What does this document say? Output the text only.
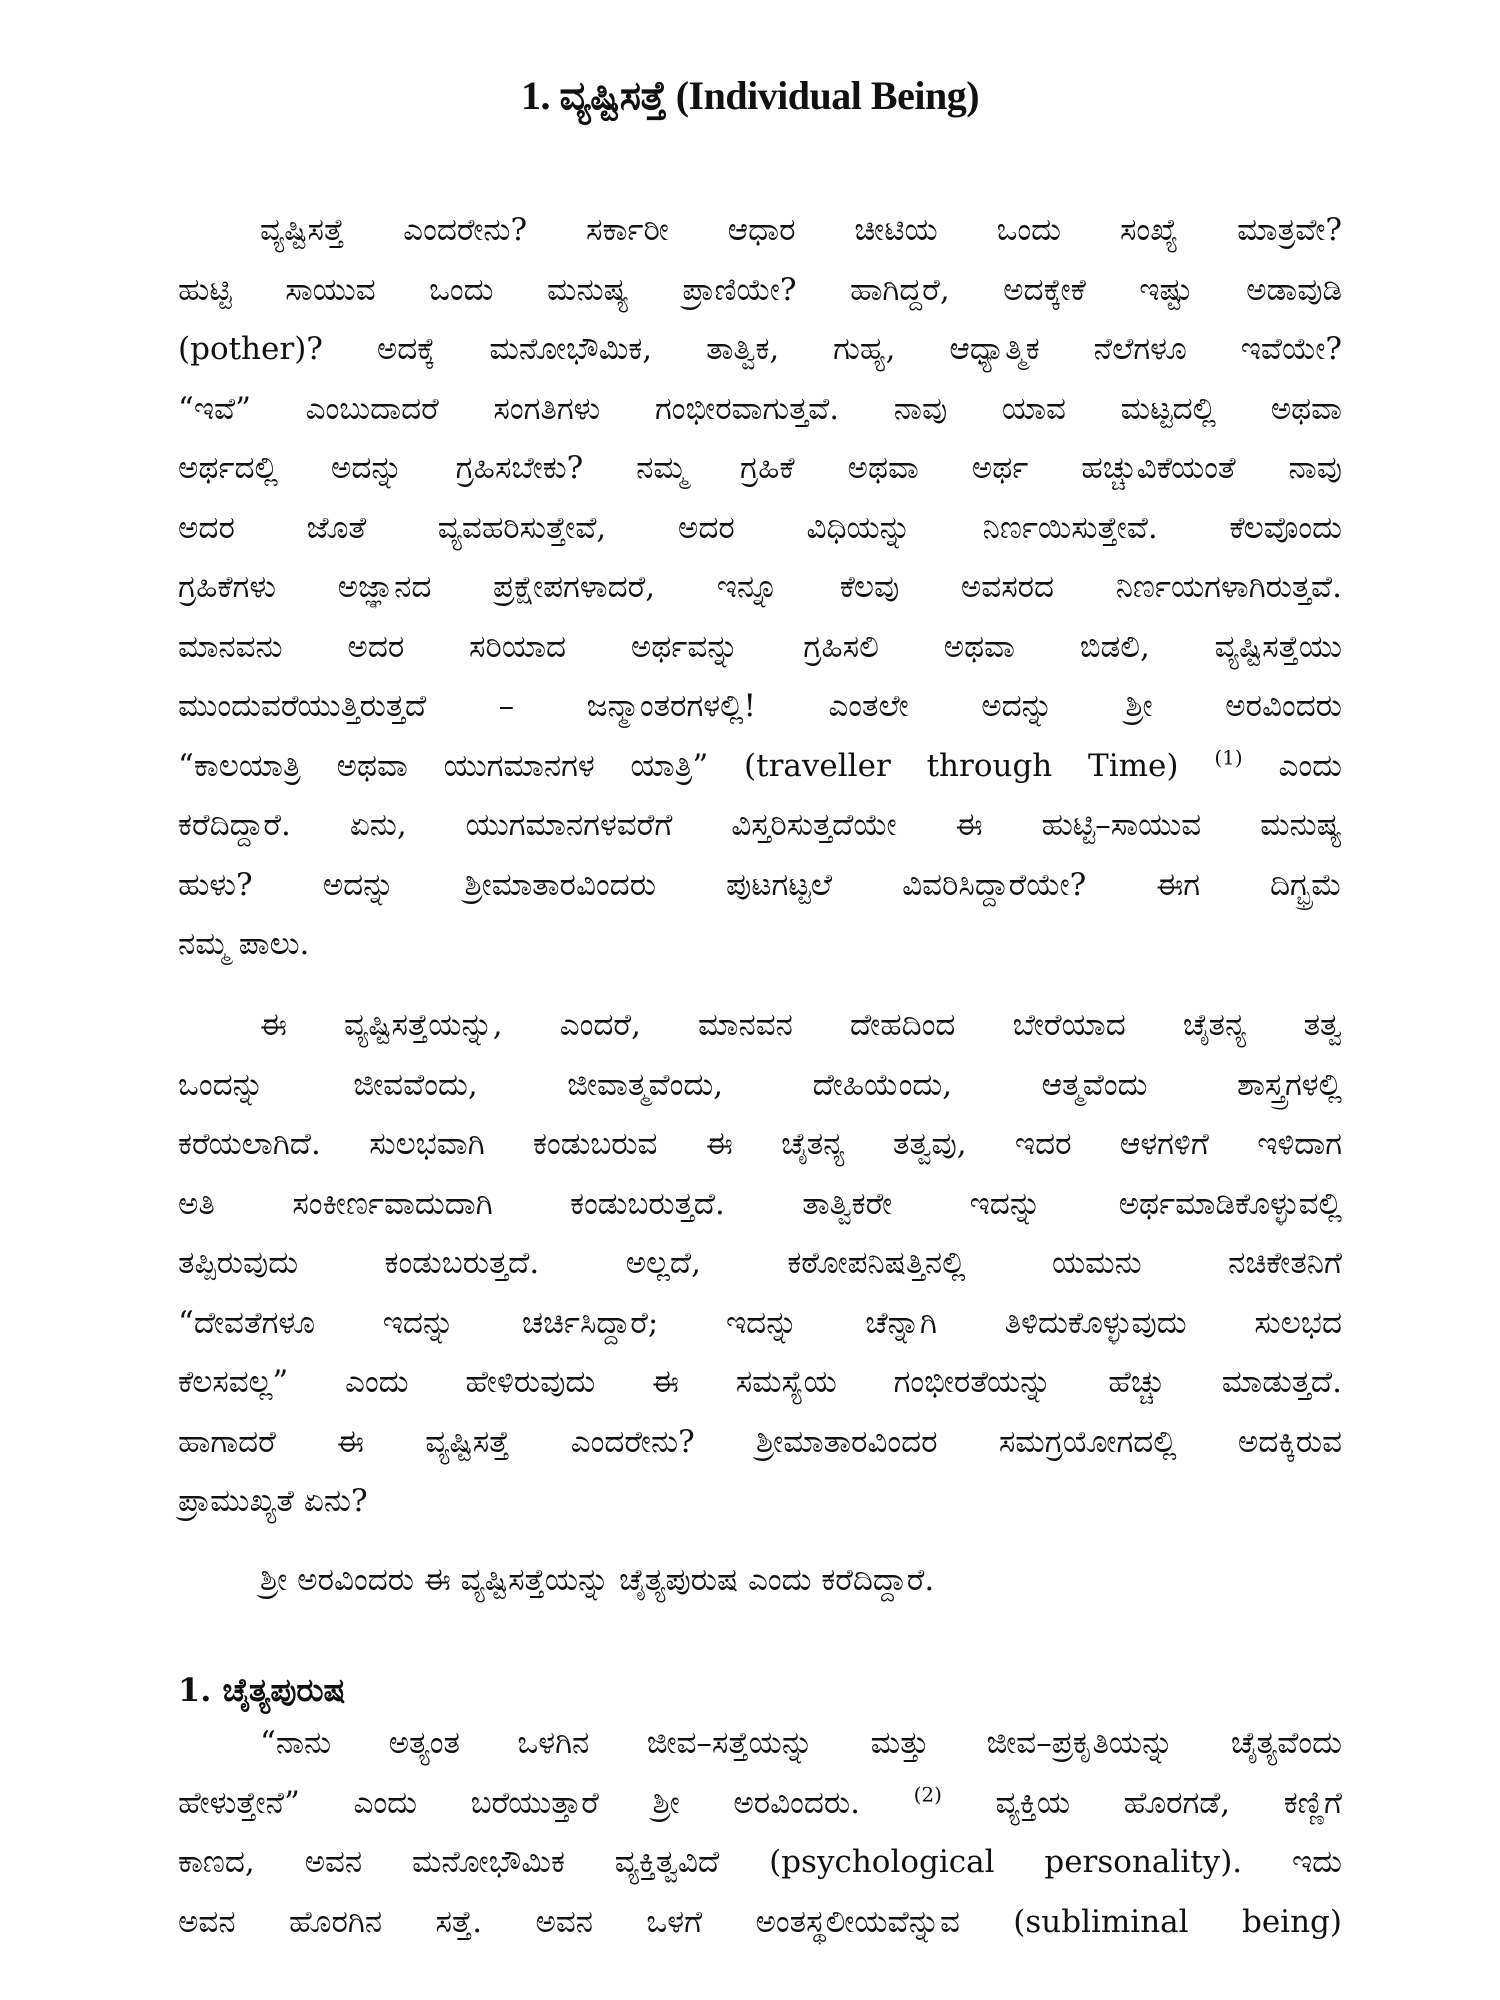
1. ವ್ಯಷ್ಟಿಸತ್ತೆ (Individual Being)
ವ್ಯಷ್ಟಿಸತ್ತೆ ಎಂದರೇನು? ಸರ್ಕಾರೀ ಆಧಾರ ಚೀಟಿಯ ಒಂದು ಸಂಖ್ಯೆ ಮಾತ್ರವೇ?
ಹುಟ್ಟಿ ಸಾಯುವ ಒಂದು ಮನುಷ್ಯ ಪ್ರಾಣಿಯೇ? ಹಾಗಿದ್ದರೆ, ಅದಕ್ಕೇಕೆ ಇಷ್ಟು ಅಡಾವುಡಿ
(pother)? ಅದಕ್ಕೆ ಮನೋಭೌಮಿಕ, ತಾತ್ವಿಕ, ಗುಹ್ಯ, ಆಧ್ಯಾತ್ಮಿಕ ನೆಲೆಗಳೂ ಇವೆಯೇ?
“ಇವೆ” ಎಂಬುದಾದರೆ ಸಂಗತಿಗಳು ಗಂಭೀರವಾಗುತ್ತವೆ. ನಾವು ಯಾವ ಮಟ್ಟದಲ್ಲಿ ಅಥವಾ
ಅರ್ಥದಲ್ಲಿ ಅದನ್ನು ಗ್ರಹಿಸಬೇಕು? ನಮ್ಮ ಗ್ರಹಿಕೆ ಅಥವಾ ಅರ್ಥ ಹಚ್ಚುವಿಕೆಯಂತೆ ನಾವು
ಅದರ ಜೊತೆ ವ್ಯವಹರಿಸುತ್ತೇವೆ, ಅದರ ವಿಧಿಯನ್ನು ನಿರ್ಣಯಿಸುತ್ತೇವೆ. ಕೆಲವೊಂದು
ಗ್ರಹಿಕೆಗಳು ಅಜ್ಞಾನದ ಪ್ರಕ್ಷೇಪಗಳಾದರೆ, ಇನ್ನೂ ಕೆಲವು ಅವಸರದ ನಿರ್ಣಯಗಳಾಗಿರುತ್ತವೆ.
ಮಾನವನು ಅದರ ಸರಿಯಾದ ಅರ್ಥವನ್ನು ಗ್ರಹಿಸಲಿ ಅಥವಾ ಬಿಡಲಿ, ವ್ಯಷ್ಟಿಸತ್ತೆಯು
ಮುಂದುವರೆಯುತ್ತಿರುತ್ತದೆ – ಜನ್ಮಾಂತರಗಳಲ್ಲಿ! ಎಂತಲೇ ಅದನ್ನು ಶ್ರೀ ಅರವಿಂದರು
“ಕಾಲಯಾತ್ರಿ ಅಥವಾ ಯುಗಮಾನಗಳ ಯಾತ್ರಿ” (traveller through Time) $^{(1)}$ ಎಂದು
ಕರೆದಿದ್ದಾರೆ. ಏನು, ಯುಗಮಾನಗಳವರೆಗೆ ವಿಸ್ತರಿಸುತ್ತದೆಯೇ ಈ ಹುಟ್ಟಿ–ಸಾಯುವ ಮನುಷ್ಯ
ಹುಳು? ಅದನ್ನು ಶ್ರೀಮಾತಾರವಿಂದರು ಪುಟಗಟ್ಟಲೆ ವಿವರಿಸಿದ್ದಾರೆಯೇ? ಈಗ ದಿಗ್ಭ್ರಮೆ
ನಮ್ಮ ಪಾಲು.
ಈ ವ್ಯಷ್ಟಿಸತ್ತೆಯನ್ನು, ಎಂದರೆ, ಮಾನವನ ದೇಹದಿಂದ ಬೇರೆಯಾದ ಚೈತನ್ಯ ತತ್ವ
ಒಂದನ್ನು ಜೀವವೆಂದು, ಜೀವಾತ್ಮವೆಂದು, ದೇಹಿಯೆಂದು, ಆತ್ಮವೆಂದು ಶಾಸ್ತ್ರಗಳಲ್ಲಿ
ಕರೆಯಲಾಗಿದೆ. ಸುಲಭವಾಗಿ ಕಂಡುಬರುವ ಈ ಚೈತನ್ಯ ತತ್ವವು, ಇದರ ಆಳಗಳಿಗೆ ಇಳಿದಾಗ
ಅತಿ ಸಂಕೀರ್ಣವಾದುದಾಗಿ ಕಂಡುಬರುತ್ತದೆ. ತಾತ್ವಿಕರೇ ಇದನ್ನು ಅರ್ಥಮಾಡಿಕೊಳ್ಳುವಲ್ಲಿ
ತಪ್ಪಿರುವುದು ಕಂಡುಬರುತ್ತದೆ. ಅಲ್ಲದೆ, ಕಠೋಪನಿಷತ್ತಿನಲ್ಲಿ ಯಮನು ನಚಿಕೇತನಿಗೆ
“ದೇವತೆಗಳೂ ಇದನ್ನು ಚರ್ಚಿಸಿದ್ದಾರೆ; ಇದನ್ನು ಚೆನ್ನಾಗಿ ತಿಳಿದುಕೊಳ್ಳುವುದು ಸುಲಭದ
ಕೆಲಸವಲ್ಲ” ಎಂದು ಹೇಳಿರುವುದು ಈ ಸಮಸ್ಯೆಯ ಗಂಭೀರತೆಯನ್ನು ಹೆಚ್ಚು ಮಾಡುತ್ತದೆ.
ಹಾಗಾದರೆ ಈ ವ್ಯಷ್ಟಿಸತ್ತೆ ಎಂದರೇನು? ಶ್ರೀಮಾತಾರವಿಂದರ ಸಮಗ್ರಯೋಗದಲ್ಲಿ ಅದಕ್ಕಿರುವ
ಪ್ರಾಮುಖ್ಯತೆ ಏನು?
ಶ್ರೀ ಅರವಿಂದರು ಈ ವ್ಯಷ್ಟಿಸತ್ತೆಯನ್ನು ಚೈತ್ಯಪುರುಷ ಎಂದು ಕರೆದಿದ್ದಾರೆ.
1. ಚೈತ್ಯಪುರುಷ
“ನಾನು ಅತ್ಯಂತ ಒಳಗಿನ ಜೀವ–ಸತ್ತೆಯನ್ನು ಮತ್ತು ಜೀವ–ಪ್ರಕೃತಿಯನ್ನು ಚೈತ್ಯವೆಂದು
ಹೇಳುತ್ತೇನೆ” ಎಂದು ಬರೆಯುತ್ತಾರೆ ಶ್ರೀ ಅರವಿಂದರು.	$^{(2)}$ ವ್ಯಕ್ತಿಯ ಹೊರಗಡೆ, ಕಣ್ಣಿಗೆ
ಕಾಣದ, ಅವನ ಮನೋಭೌಮಿಕ ವ್ಯಕ್ತಿತ್ವವಿದೆ (psychological personality). ಇದು
ಅವನ ಹೊರಗಿನ ಸತ್ತೆ. ಅವನ ಒಳಗೆ ಅಂತಸ್ಥಲೀಯವೆನ್ನುವ (subliminal being)
